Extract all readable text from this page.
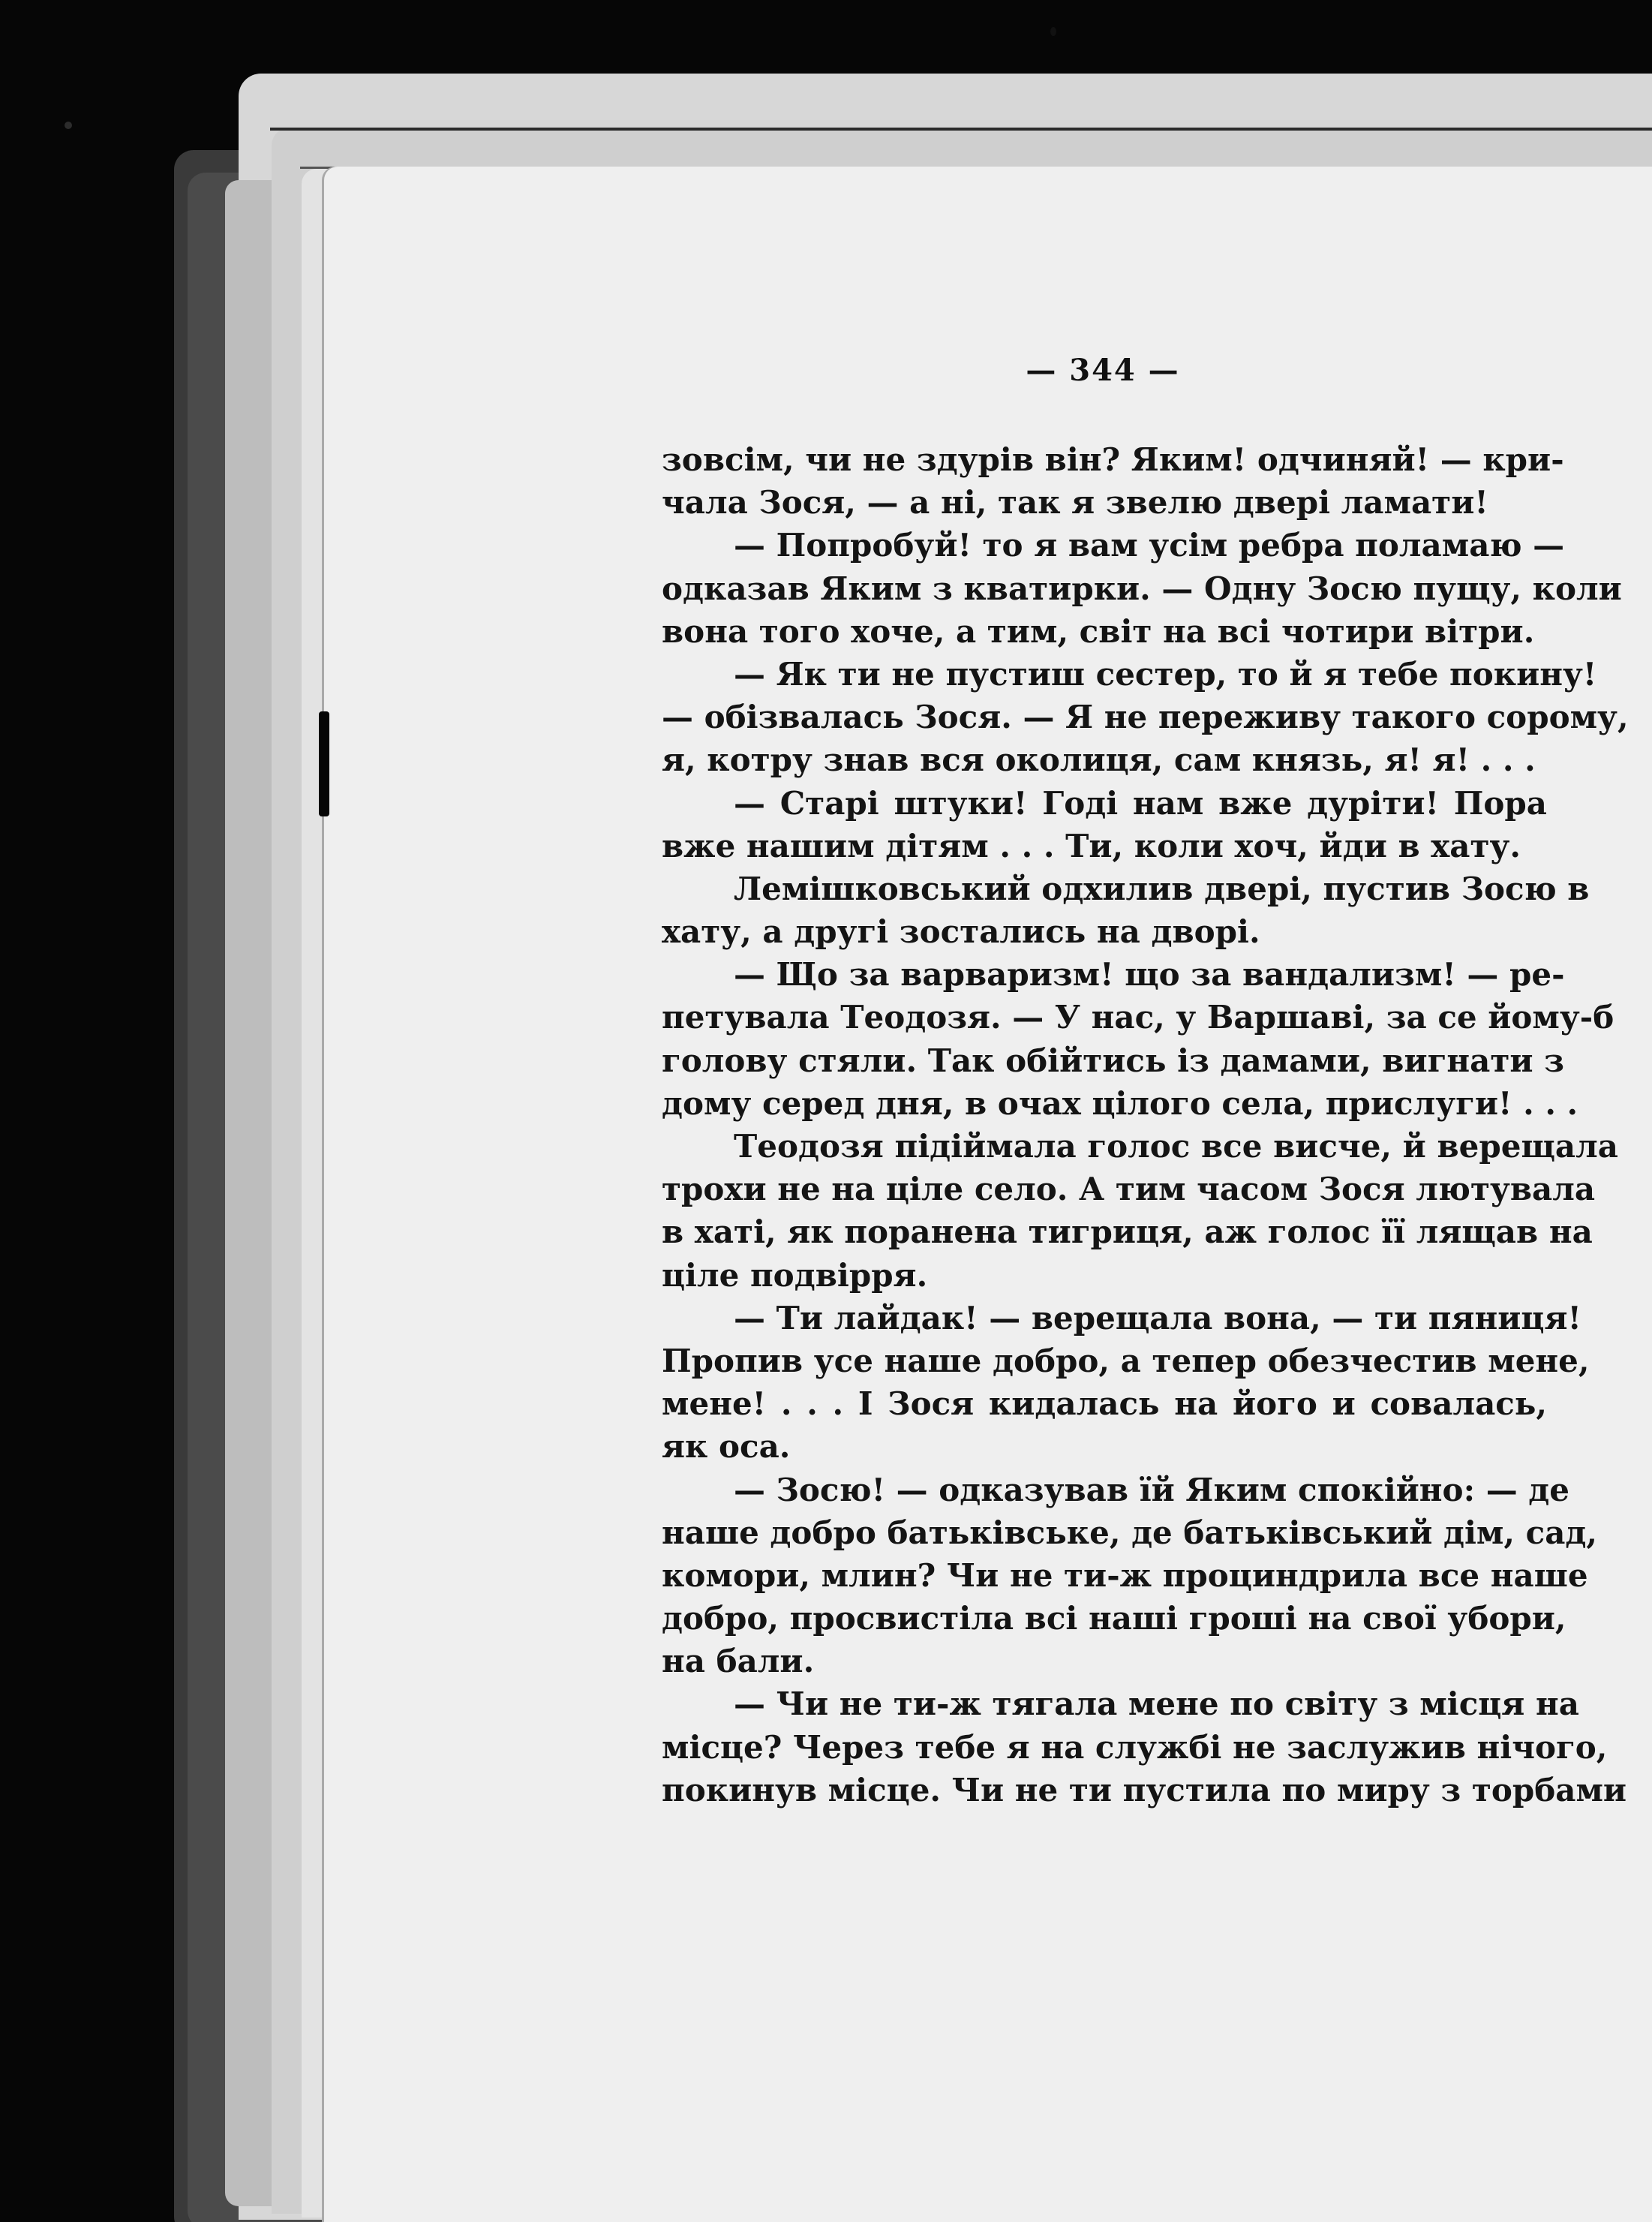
— 344 —
зовсім, чи не здурів він? Яким! одчиняй! — кри-
чала Зося, — а ні, так я звелю двері ламати!
— Попробуй! то я вам усім ребра поламаю —
одказав Яким з кватирки. — Одну Зосю пущу, коли
вона того хоче, а тим, світ на всі чотири вітри.
— Як ти не пустиш сестер, то й я тебе покину!
— обізвалась Зося. — Я не переживу такого сорому,
я, котру знав вся околиця, сам князь, я! я! . . .
— Старі штуки! Годі нам вже дуріти! Пора
вже нашим дітям . . . Ти, коли хоч, йди в хату.
Лемішковський одхилив двері, пустив Зосю в
хату, а другі зостались на дворі.
— Що за варваризм! що за вандализм! — ре-
петувала Теодозя. — У нас, у Варшаві, за се йому-б
голову стяли. Так обійтись із дамами, вигнати з
дому серед дня, в очах цілого села, прислуги! . . .
Теодозя підіймала голос все висче, й верещала
трохи не на ціле село. А тим часом Зося лютувала
в хаті, як поранена тигриця, аж голос її лящав на
ціле подвірря.
— Ти лайдак! — верещала вона, — ти пяниця!
Пропив усе наше добро, а тепер обезчестив мене,
мене! . . . І Зося кидалась на його и совалась,
як оса.
— Зосю! — одказував їй Яким спокійно: — де
наше добро батьківське, де батьківський дім, сад,
комори, млин? Чи не ти-ж проциндрила все наше
добро, просвистіла всі наші гроші на свої убори,
на бали.
— Чи не ти-ж тягала мене по світу з місця на
місце? Через тебе я на службі не заслужив нічого,
покинув місце. Чи не ти пустила по миру з торбами
